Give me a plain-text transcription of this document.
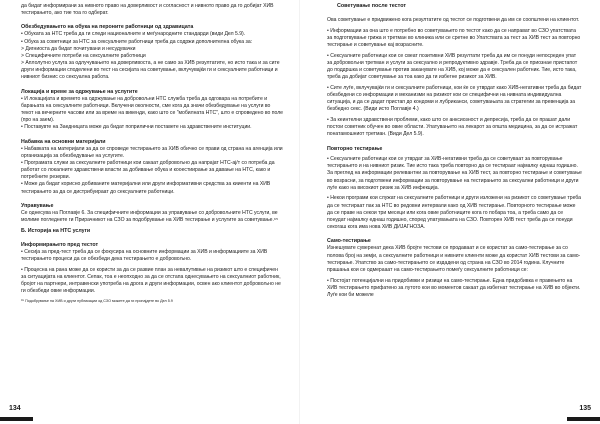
да бидат информирани за нивното право на доверливост и согласност и нивното право да го добијат ХИВ тестирањето, ако тие тоа го одберат.

Обезбедувањето на обука на пероните работници од здравицата

• Обуката за НТС треба да ги следи националните и меѓународните стандарди (види Дел 5.9).

• Обука за советници за НТС за сексуалните работници треба да содржи дополнителна обука за:

> Дигниоста да бидат почитувани и несудувачки

> Специфичните потреби на сексуалните работници

> Аплолутно услуга за одлучувањето на доверливоста, а не само за ХИВ резултатите, но исто така и за сите други информации споделени во тест на сесијата на советување, вклучувајќи ги и сексуалните работници и нивниот бизнис со сексуална работа.

Локација и време за одржување на услугите

• И локацијата и времето на одржување на добровољни НТС служба треба да одговара на потребите и барањата на сексуалните работници. Вклучени околности, сме кога да значи обезбедување на услуги во текот на вечерните часови или за време на викенди, како што се "мобилната НТС", што е спроведено во поле (про на заем).

• Поставувте на Заедницата може да бидат поприлични поставете на здравствените институции.

Набавка на основни материјали

• Набавката на материјали за да се спроведе тестирањето за ХИВ обично се прави од страна на агенција или организација за обезбедување на услугите.

• Програмата служи за сексуалните работници кои сакаат добровољно да напрајат НТС-ај/т со потреба да работат со локалните здравствени власти за добивање обука и кооестиирање за давање на НТС, како и потребните резерви.

• Може да бидат корисно добиваните материјални или други информативни средства за кииенти на ХИВ тестирањето за да се дистрибуираат до сексуалните работници.

Управување

Се однесува на Поглавје 6. За специфичните информации за управување со добровољните НТС услуги, ве молиме погледнете ги Прирачникот на СЗО за подобрување на ХИВ тестирање и услугите за советување.⁶⁵

Б. Историја на НТС услуги

Информирањето пред тестот

• Сесија за пред-тест треба да се фокусира на основните информации за ХИВ и информациите за ХИВ тестирањето процеси да се обезбеди дека тестирањето е добровољно.

• Процесна на рана може да се користи за да се развие план за невалутивње на ризикот што е специфичен за ситуацијата на клиентот. Сепак, тоа е неопходно за да се отстапа однесувањето на сексуалниот работник, бројот на партнери, интравенски употреба на дрога и други информации, освен ако клиентот добровољно не ги обезбеди овие информации.

⁶⁵ Подобрување на ХИВ и други публикации од СЗО можете да ги пронајдете во Дел 5.9

134

Советување после тестот

Ова советување е придвижено кога резултатите од тестот се подготвени да им се соопштени на клиентот.

• Информации за она што е потребно во советувањето по тестот како да се направат во СЗО упатствата за подготвување грижа и третман во клиника или се сретне во Упатствата за тест за ХИВ тест за повторно тестирање и советување кај возрасните.

• Сексуалните работници кои се свеат позитивни ХИВ резултати треба да им се понуди непосреден упат за добровољни третман и услуги за сексуално и репродуктивно здравје. Треба да се приознае пристапот до поддршка и советување против заканувате на ХИВ, кој може да е сексуален работник. Тие, исто така, треба да добијат советување за тоа како да ги избегне ризикот за ХИВ.

• Сите луѓе, вклучувајќи ги и сексуалните работници, кои ќе се утврдат како ХИВ-негативни треба да бидат обезбедени со информации и механизми на ризикот кои се специфични на нивната индивидуална ситуација, и да се дадат пристап до кондоми и лубриканси, советувањата за стратегии за превенција за безбедно секс. (Види исто Поглавје 4.)

• За кеинтелни здравствени проблеми, како што се анксиозност и депресија, треба да се прашат дали постои советник обучен во овие области. Упатувањето на лекарот за општа медицина, за да се истражат понатамошниот третман. (Види Дел 5.9).

Повторно тестирање

• Сексуалните работници кои се утврдат за ХИВ-негативни треба да се советуваат за повторување тестирањето и на нивниот ризик. Тие исто така треба повторно да се тестираат најмалку еднаш годишно. За преглед на информации релевантни за повторување на ХИВ тест, за повторно тестирање и советување во возрасни, за подготвени информации за повторување на тестирањето за сексуални работници и други луѓе како на високиот ризик за ХИВ инфекција.

• Некои програми кои служат на сексуалните работници и други изложени на ризикот со советување треба да се тестираат пак за НТС во редовни интервали како од ХИВ тестирање. Повторното тестирање може да се праве на секои три месеци или кога овие работниците кога го побара тоа, а треба само да се понудат најмалку еднаш годишно, според упатувањата на СЗО. Повторен ХИВ тест треба да се понуди секогаш кога има нова ХИВ ДИЈАГНОЗА.

Само-тестирање

Изнешувате суверенат дека ХИВ бројте тестови се продаваат и се користат за само-тестирање за со полова број на земји, а сексуалните работници и нивните клиенти може да користат ХИВ тестови за само-тестирање. Упатство за само-тестирањето се издадени од страна на СЗО во 2014 година. Клучните прашања кои се одмерааат на само-тестирањето помеѓу сексуалните работници се:

• Постојат потенцијални на придобивки и ризици на само-тестирање. Една придобивка е правењето на ХИВ тестирањето прифатено за лутото кои во моментов сакаат да избегнат тестирање на ХИВ во објекти. Луѓе кои би можеле

135
